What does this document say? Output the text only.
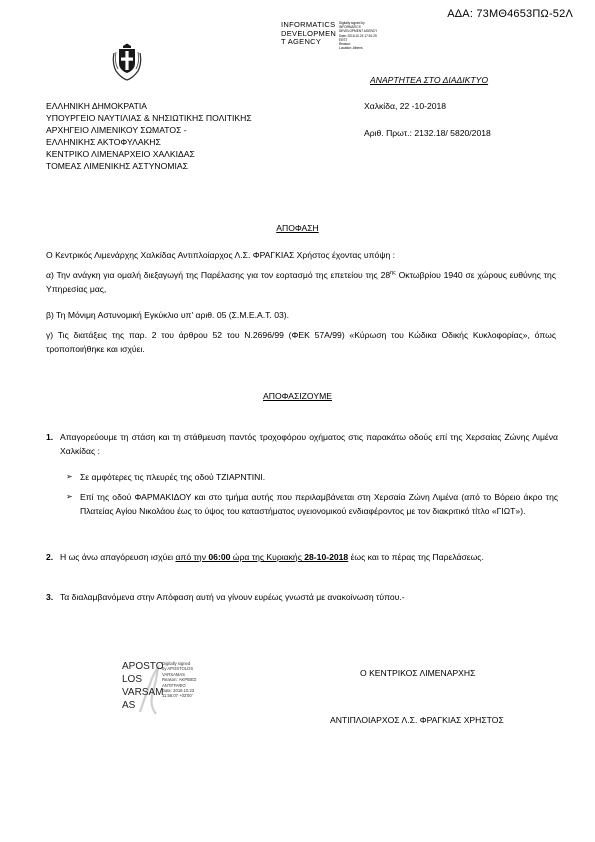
ΑΔΑ: 73ΜΘ4653ΠΩ-52Λ
INFORMATICS
DEVELOPMEN
T AGENCY
Digitally signed by
INFORMATICS
DEVELOPMENT AGENCY
Date: 2018.10.23 17:51:29
EEST
Reason:
Location: Athens
ΑΝΑΡΤΗΤΕΑ ΣΤΟ ΔΙΑΔΙΚΤΥΟ
ΕΛΛΗΝΙΚΗ ΔΗΜΟΚΡΑΤΙΑ
ΥΠΟΥΡΓΕΙΟ ΝΑΥΤΙΛΙΑΣ & ΝΗΣΙΩΤΙΚΗΣ ΠΟΛΙΤΙΚΗΣ
ΑΡΧΗΓΕΙΟ ΛΙΜΕΝΙΚΟΥ ΣΩΜΑΤΟΣ -
ΕΛΛΗΝΙΚΗΣ ΑΚΤΟΦΥΛΑΚΗΣ
ΚΕΝΤΡΙΚΟ ΛΙΜΕΝΑΡΧΕΙΟ ΧΑΛΚΙΔΑΣ
ΤΟΜΕΑΣ ΛΙΜΕΝΙΚΗΣ ΑΣΤΥΝΟΜΙΑΣ
Χαλκίδα, 22 -10-2018
Αριθ. Πρωτ.: 2132.18/ 5820/2018
ΑΠΟΦΑΣΗ
Ο Κεντρικός Λιμενάρχης Χαλκίδας Αντιπλοίαρχος Λ.Σ. ΦΡΑΓΚΙΑΣ Χρήστος έχοντας υπόψη :
α) Την ανάγκη για ομαλή διεξαγωγή της Παρέλασης για τον εορτασμό της επετείου της $28^{\eta\varsigma}$ Οκτωβρίου 1940 σε χώρους ευθύνης της Υπηρεσίας μας,
β) Τη Μόνιμη Αστυνομική Εγκύκλιο υπ' αριθ. 05 (Σ.Μ.Ε.Α.Τ. 03).
γ) Τις διατάξεις της παρ. 2 του άρθρου 52 του Ν.2696/99 (ΦΕΚ 57Α/99) «Κύρωση του Κώδικα Οδικής Κυκλοφορίας», όπως τροποποιήθηκε και ισχύει.
ΑΠΟΦΑΣΙΖΟΥΜΕ
1. Απαγορεύουμε τη στάση και τη στάθμευση παντός τροχοφόρου οχήματος στις παρακάτω οδούς επί της Χερσαίας Ζώνης Λιμένα Χαλκίδας :
➢ Σε αμφότερες τις πλευρές της οδού ΤΖΙΑΡΝΤΙΝΙ.
➢ Επί της οδού ΦΑΡΜΑΚΙΔΟΥ και στο τμήμα αυτής που περιλαμβάνεται στη Χερσαία Ζώνη Λιμένα (από το Βόρειο άκρο της Πλατείας Αγίου Νικολάου έως το ύψος του καταστήματος υγειονομικού ενδιαφέροντος με τον διακριτικό τίτλο «ΓΙΩΤ»).
2. Η ως άνω απαγόρευση ισχύει από την 06:00 ώρα της Κυριακής 28-10-2018 έως και το πέρας της Παρελάσεως.
3. Τα διαλαμβανόμενα στην Απόφαση αυτή να γίνουν ευρέως γνωστά με ανακοίνωση τύπου.-
APOSTO
LOS
VARSAM
AS
Digitally signed
by APOSTOLOS
VARSAMAS
Reason: ΑΚΡΙΒΕΣ
ΑΝΤΙΓΡΑΦΟ
Date: 2018.10.23
11:56:07 +03'00'
Ο ΚΕΝΤΡΙΚΟΣ ΛΙΜΕΝΑΡΧΗΣ
ΑΝΤΙΠΛΟΙΑΡΧΟΣ Λ.Σ. ΦΡΑΓΚΙΑΣ ΧΡΗΣΤΟΣ
